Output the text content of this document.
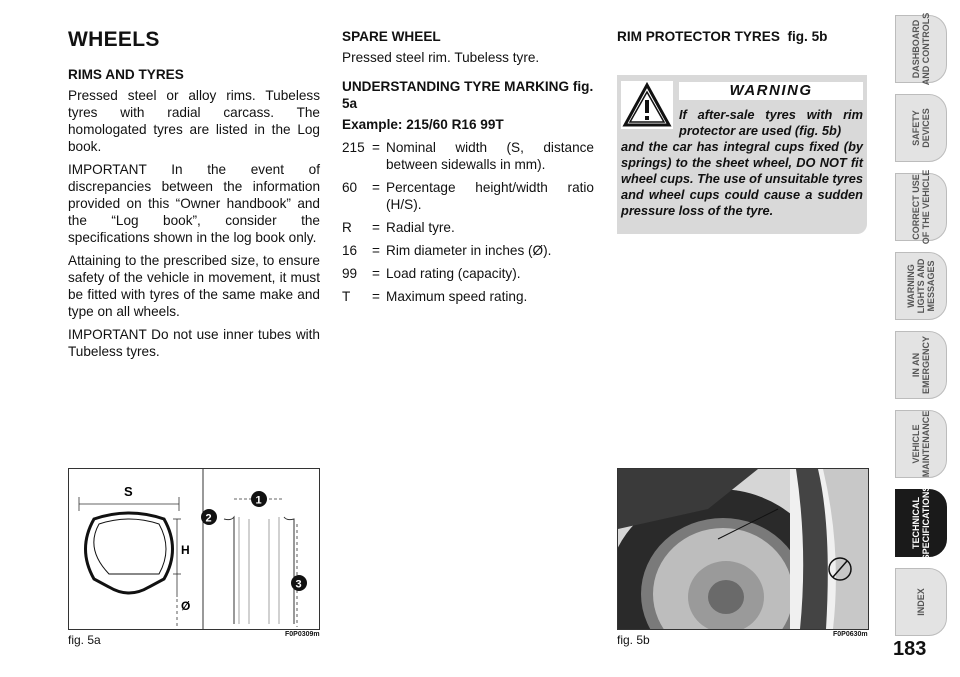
WHEELS
RIMS AND TYRES

Pressed steel or alloy rims. Tubeless tyres with radial carcass. The homologated tyres are listed in the Log book.

IMPORTANT In the event of discrepancies between the information provided on this “Owner handbook” and the “Log book”, consider the specifications shown in the log book only.

Attaining to the prescribed size, to ensure safety of the vehicle in movement, it must be fitted with tyres of the same make and type on all wheels.

IMPORTANT Do not use inner tubes with Tubeless tyres.

SPARE WHEEL

Pressed steel rim. Tubeless tyre.

UNDERSTANDING TYRE MARKING fig. 5a

Example: 215/60 R16 99T

215 = Nominal width (S, distance between sidewalls in mm).
60	= Percentage height/width ratio (H/S).
R	= Radial tyre.
16	= Rim diameter in inches (Ø).
99	= Load rating (capacity).
T	= Maximum speed rating.
RIM PROTECTOR TYRES fig. 5b
WARNING
If after-sale tyres with rim protector are used (fig. 5b)
and the car has integral cups fixed (by springs) to the sheet wheel, DO NOT fit wheel cups. The use of unsuitable tyres and wheel cups could cause a sudden pressure loss of the tyre.
S
H
Ø
1
2
3
fig. 5a	F0P0309m	fig. 5b	F0P0630m
DASHBOARD
AND CONTROLS
SAFETY
DEVICES
CORRECT USE
OF THE VEHICLE
WARNING
LIGHTS AND
MESSAGES
IN AN
EMERGENCY
VEHICLE
MAINTENANCE
TECHNICAL
SPECIFICATIONS
INDEX
183
